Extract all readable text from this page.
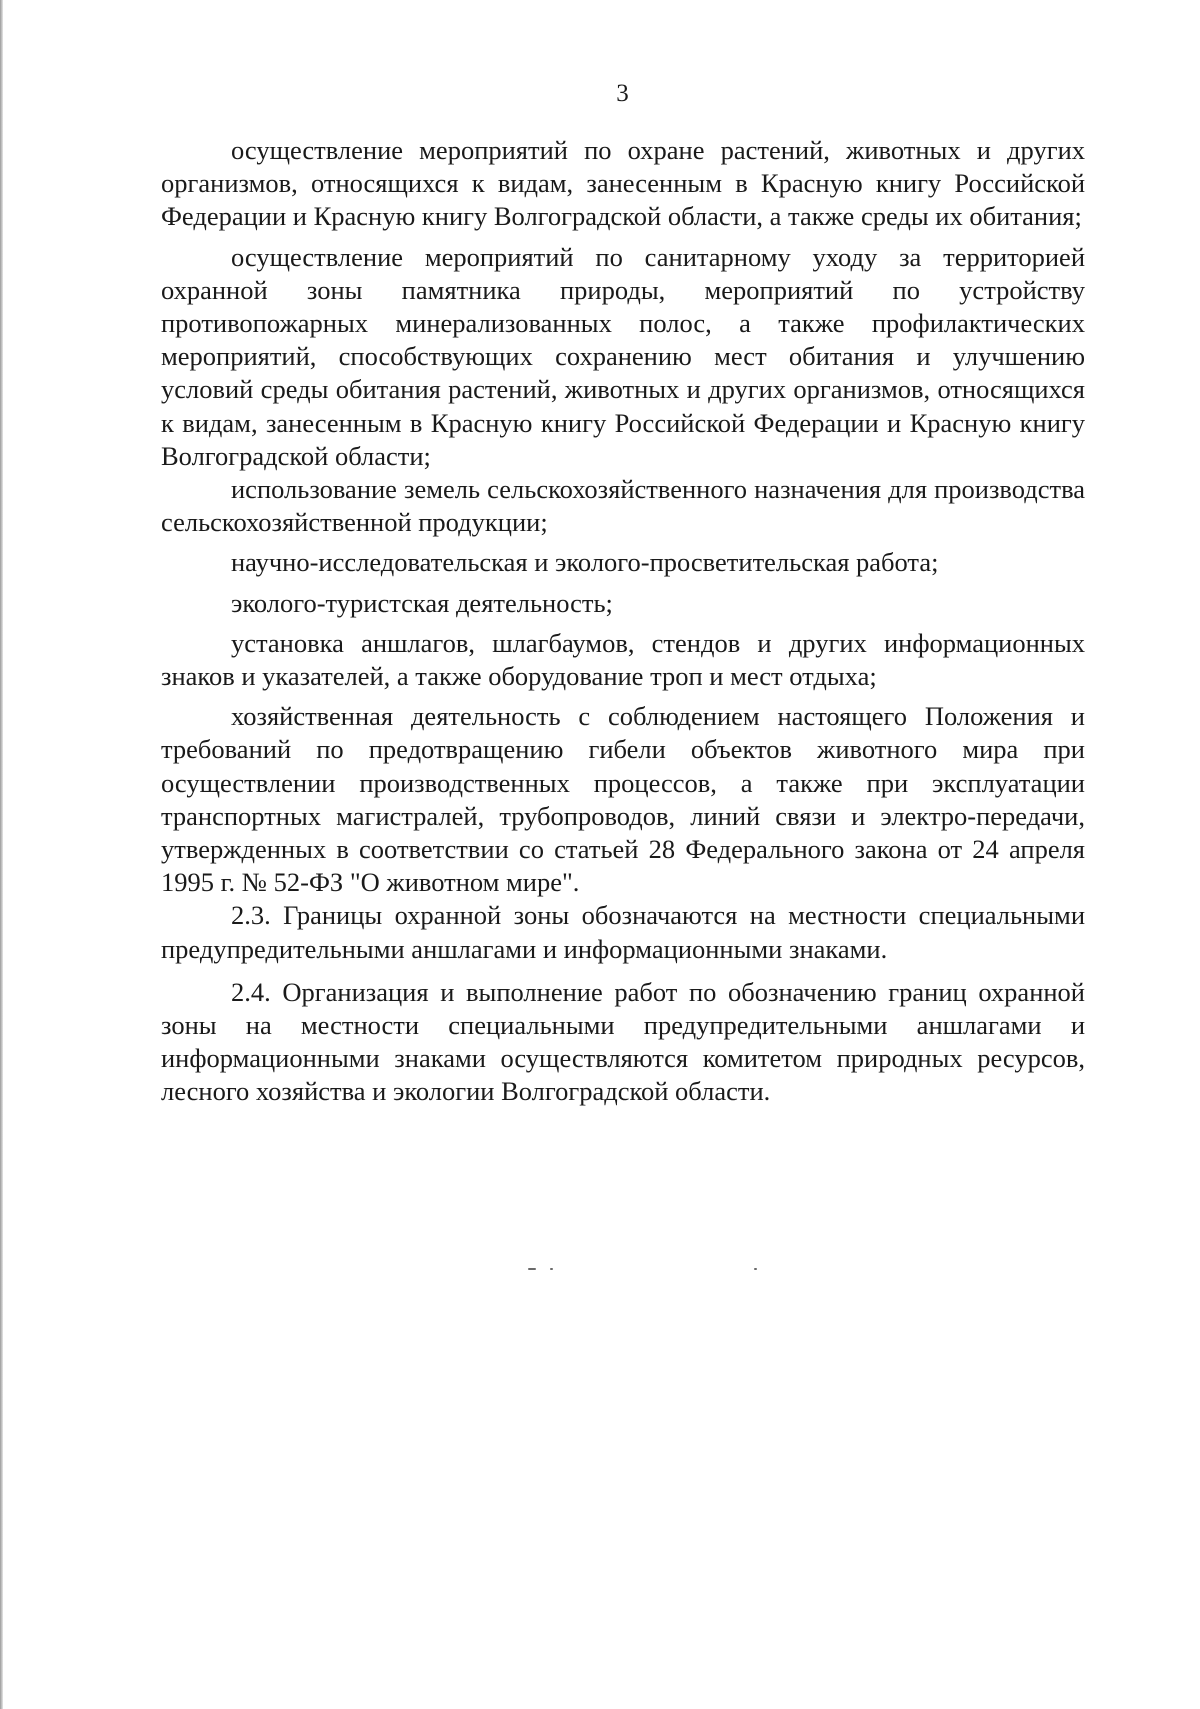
3

осуществление мероприятий по охране растений, животных и других организмов, относящихся к видам, занесенным в Красную книгу Российской Федерации и Красную книгу Волгоградской области, а также среды их обитания;

осуществление мероприятий по санитарному уходу за территорией охранной зоны памятника природы, мероприятий по устройству противопожарных минерализованных полос, а также профилактических мероприятий, способствующих сохранению мест обитания и улучшению условий среды обитания растений, животных и других организмов, относящихся к видам, занесенным в Красную книгу Российской Федерации и Красную книгу Волгоградской области;

использование земель сельскохозяйственного назначения для производства сельскохозяйственной продукции;

научно-исследовательская и эколого-просветительская работа;

эколого-туристская деятельность;

установка аншлагов, шлагбаумов, стендов и других информационных знаков и указателей, а также оборудование троп и мест отдыха;

хозяйственная деятельность с соблюдением настоящего Положения и требований по предотвращению гибели объектов животного мира при осуществлении производственных процессов, а также при эксплуатации транспортных магистралей, трубопроводов, линий связи и электро-передачи, утвержденных в соответствии со статьей 28 Федерального закона от 24 апреля 1995 г. № 52-ФЗ "О животном мире".

2.3. Границы охранной зоны обозначаются на местности специальными предупредительными аншлагами и информационными знаками.

2.4. Организация и выполнение работ по обозначению границ охранной зоны на местности специальными предупредительными аншлагами и информационными знаками осуществляются комитетом природных ресурсов, лесного хозяйства и экологии Волгоградской области.
